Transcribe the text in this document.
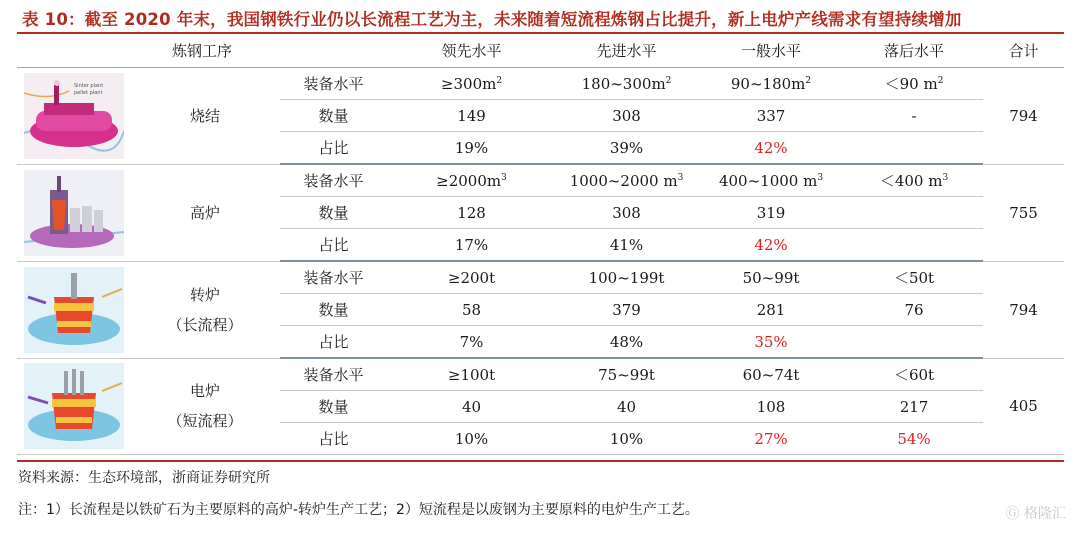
表 10：截至 2020 年末，我国钢铁行业仍以长流程工艺为主，未来随着短流程炼钢占比提升，新上电炉产线需求有望持续增加
炼钢工序			领先水平	先进水平	一般水平	落后水平	合计

Sinter plant
pellet plant	烧结	装备水平	$\ge 300m^2$	$180\sim 300m^2$	$90\sim 180m^2$	＜90 $m^2$	794
		数量	149	308	337	-	
		占比	19%	39%	42%		

高炉	装备水平	$\ge 2000m^3$	1000~2000 $m^3$	400~1000 $m^3$	＜400 $m^3$	755
		数量	128	308	319		
		占比	17%	41%	42%		

转炉
（长流程）	装备水平	≥200t	100~199t	50~99t	＜50t	794
		数量	58	379	281	76	
		占比	7%	48%	35%		

电炉
（短流程）	装备水平	≥100t	75~99t	60~74t	＜60t	405
		数量	40	40	108	217	
		占比	10%	10%	27%	54%	
资料来源：生态环境部，浙商证券研究所
注：1）长流程是以铁矿石为主要原料的高炉-转炉生产工艺；2）短流程是以废钢为主要原料的电炉生产工艺。	Ⓖ 格隆汇
